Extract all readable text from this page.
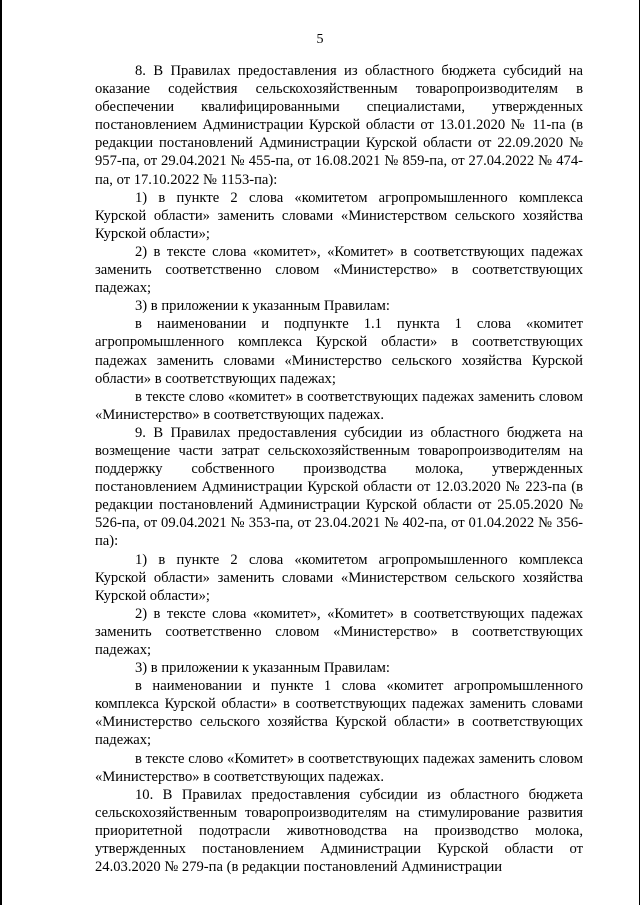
5

8. В Правилах предоставления из областного бюджета субсидий на оказание содействия сельскохозяйственным товаропроизводителям в обеспечении квалифицированными специалистами, утвержденных постановлением Администрации Курской области от 13.01.2020 № 11-па (в редакции постановлений Администрации Курской области от 22.09.2020 № 957-па, от 29.04.2021 № 455-па, от 16.08.2021 № 859-па, от 27.04.2022 № 474-па, от 17.10.2022 № 1153-па):

1) в пункте 2 слова «комитетом агропромышленного комплекса Курской области» заменить словами «Министерством сельского хозяйства Курской области»;

2) в тексте слова «комитет», «Комитет» в соответствующих падежах заменить соответственно словом «Министерство» в соответствующих падежах;

3) в приложении к указанным Правилам:

в наименовании и подпункте 1.1 пункта 1 слова «комитет агропромышленного комплекса Курской области» в соответствующих падежах заменить словами «Министерство сельского хозяйства Курской области» в соответствующих падежах;

в тексте слово «комитет» в соответствующих падежах заменить словом «Министерство» в соответствующих падежах.

9. В Правилах предоставления субсидии из областного бюджета на возмещение части затрат сельскохозяйственным товаропроизводителям на поддержку собственного производства молока, утвержденных постановлением Администрации Курской области от 12.03.2020 № 223-па (в редакции постановлений Администрации Курской области от 25.05.2020 № 526-па, от 09.04.2021 № 353-па, от 23.04.2021 № 402-па, от 01.04.2022 № 356-па):

1) в пункте 2 слова «комитетом агропромышленного комплекса Курской области» заменить словами «Министерством сельского хозяйства Курской области»;

2) в тексте слова «комитет», «Комитет» в соответствующих падежах заменить соответственно словом «Министерство» в соответствующих падежах;

3) в приложении к указанным Правилам:

в наименовании и пункте 1 слова «комитет агропромышленного комплекса Курской области» в соответствующих падежах заменить словами «Министерство сельского хозяйства Курской области» в соответствующих падежах;

в тексте слово «Комитет» в соответствующих падежах заменить словом «Министерство» в соответствующих падежах.

10. В Правилах предоставления субсидии из областного бюджета сельскохозяйственным товаропроизводителям на стимулирование развития приоритетной подотрасли животноводства на производство молока, утвержденных постановлением Администрации Курской области от 24.03.2020 № 279-па (в редакции постановлений Администрации
